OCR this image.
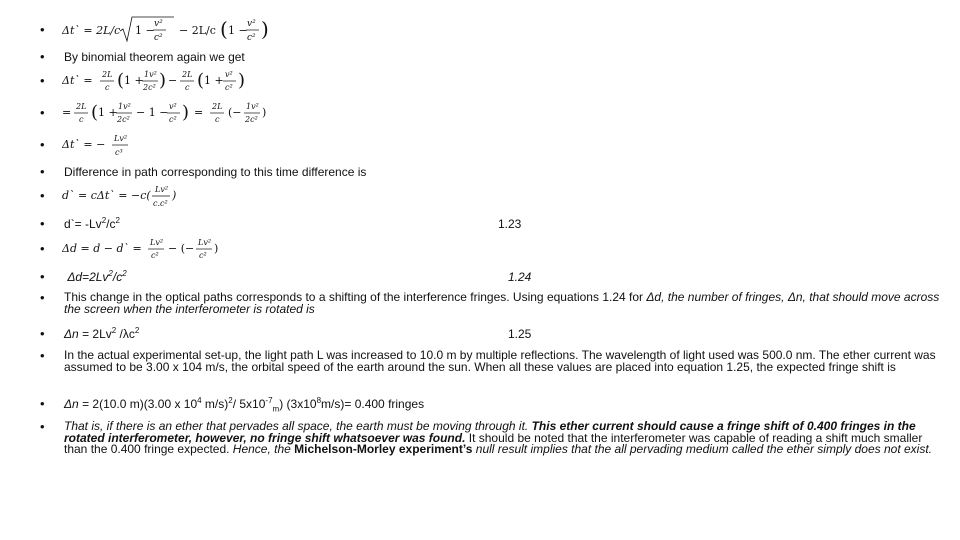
• Δt` = 2L/c 1 − v²
c²
− 2L/c ( 1 − v²
c² )
• By binomial theorem again we get
• Δt` = 2L
c ( 1 + 1v²
2c² ) − 2L
c ( 1 + v²
c² )
• = 2L
c ( 1 + 1v²
2c²
− 1 − v²
c² ) = 2L
c
(− 1v²
2c²
)
• Δt` = − Lv²
c³
• Difference in path corresponding to this time difference is
• d` = cΔt` = −c( Lv²
c.c²
)
• d`= $-Lv^2/c^2$	1.23
• Δd = d − d` = Lv²
c²
− (− Lv²
c²
)
• $\Delta d=2Lv^2/c^2$	1.24
• This change in the optical paths corresponds to a shifting of the interference fringes. Using equations 1.24 for Δd, the number of fringes, Δn, that should move across the screen when the interferometer is rotated is
• $\Delta n = 2Lv^2$ $/\lambda c^2$	1.25
• In the actual experimental set-up, the light path L was increased to 10.0 m by multiple reflections. The wavelength of light used was 500.0 nm. The ether current was assumed to be 3.00 x 104 m/s, the orbital speed of the earth around the sun. When all these values are placed into equation 1.25, the expected fringe shift is
• Δn = 2(10.0 m)(3.00 x $10^4$ m/s)$^2$/ $5x10^{-7}_m$) $(3x10^8m/s)= 0.400$ fringes
• That is, if there is an ether that pervades all space, the earth must be moving through it. This ether current should cause a fringe shift of 0.400 fringes in the rotated interferometer, however, no fringe shift whatsoever was found. It should be noted that the interferometer was capable of reading a shift much smaller than the 0.400 fringe expected. Hence, the Michelson-Morley experiment’s null result implies that the all pervading medium called the ether simply does not exist.
